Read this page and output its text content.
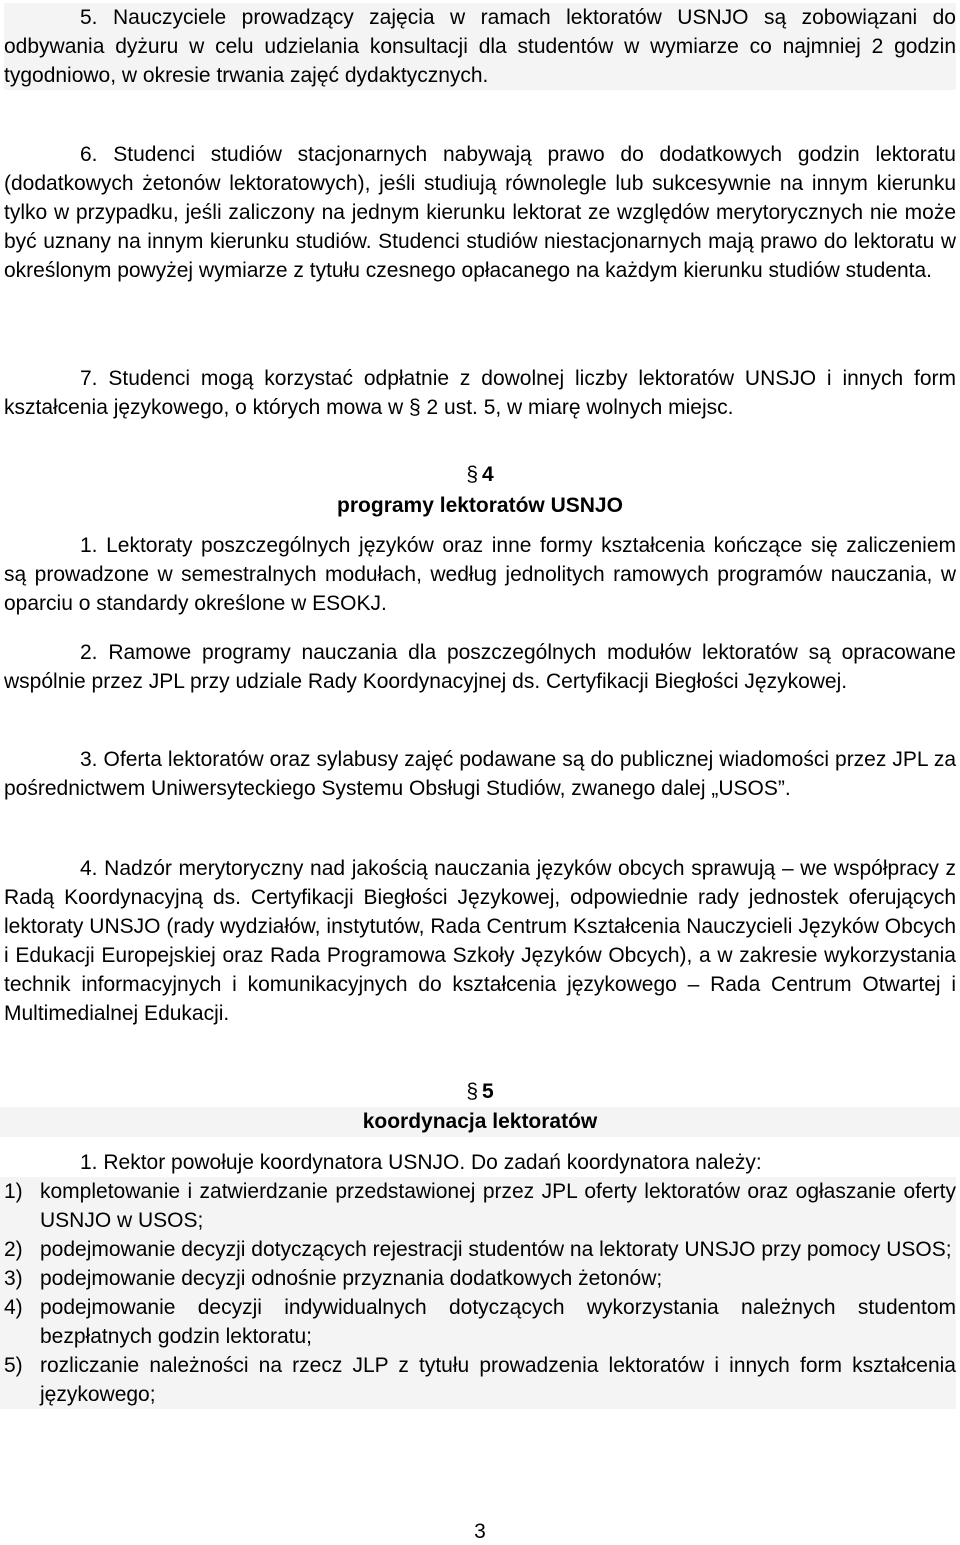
5. Nauczyciele prowadzący zajęcia w ramach lektoratów USNJO są zobowiązani do odbywania dyżuru w celu udzielania konsultacji dla studentów w wymiarze co najmniej 2 godzin tygodniowo, w okresie trwania zajęć dydaktycznych.

6. Studenci studiów stacjonarnych nabywają prawo do dodatkowych godzin lektoratu (dodatkowych żetonów lektoratowych), jeśli studiują równolegle lub sukcesywnie na innym kierunku tylko w przypadku, jeśli zaliczony na jednym kierunku lektorat ze względów merytorycznych nie może być uznany na innym kierunku studiów. Studenci studiów niestacjonarnych mają prawo do lektoratu w określonym powyżej wymiarze z tytułu czesnego opłacanego na każdym kierunku studiów studenta.

7. Studenci mogą korzystać odpłatnie z dowolnej liczby lektoratów UNSJO i innych form kształcenia językowego, o których mowa w § 2 ust. 5, w miarę wolnych miejsc.

§ 4
programy lektoratów USNJO

1. Lektoraty poszczególnych języków oraz inne formy kształcenia kończące się zaliczeniem są prowadzone w semestralnych modułach, według jednolitych ramowych programów nauczania, w oparciu o standardy określone w ESOKJ.

2. Ramowe programy nauczania dla poszczególnych modułów lektoratów są opracowane wspólnie przez JPL przy udziale Rady Koordynacyjnej ds. Certyfikacji Biegłości Językowej.

3. Oferta lektoratów oraz sylabusy zajęć podawane są do publicznej wiadomości przez JPL za pośrednictwem Uniwersyteckiego Systemu Obsługi Studiów, zwanego dalej „USOS”.

4. Nadzór merytoryczny nad jakością nauczania języków obcych sprawują – we współpracy z Radą Koordynacyjną ds. Certyfikacji Biegłości Językowej, odpowiednie rady jednostek oferujących lektoraty UNSJO (rady wydziałów, instytutów, Rada Centrum Kształcenia Nauczycieli Języków Obcych i Edukacji Europejskiej oraz Rada Programowa Szkoły Języków Obcych), a w zakresie wykorzystania technik informacyjnych i komunikacyjnych do kształcenia językowego – Rada Centrum Otwartej i Multimedialnej Edukacji.

§ 5
koordynacja lektoratów

1. Rektor powołuje koordynatora USNJO. Do zadań koordynatora należy:

1) kompletowanie i zatwierdzanie przedstawionej przez JPL oferty lektoratów oraz ogłaszanie oferty USNJO w USOS;
2) podejmowanie decyzji dotyczących rejestracji studentów na lektoraty UNSJO przy pomocy USOS;
3) podejmowanie decyzji odnośnie przyznania dodatkowych żetonów;
4) podejmowanie decyzji indywidualnych dotyczących wykorzystania należnych studentom bezpłatnych godzin lektoratu;
5) rozliczanie należności na rzecz JLP z tytułu prowadzenia lektoratów i innych form kształcenia językowego;
3
